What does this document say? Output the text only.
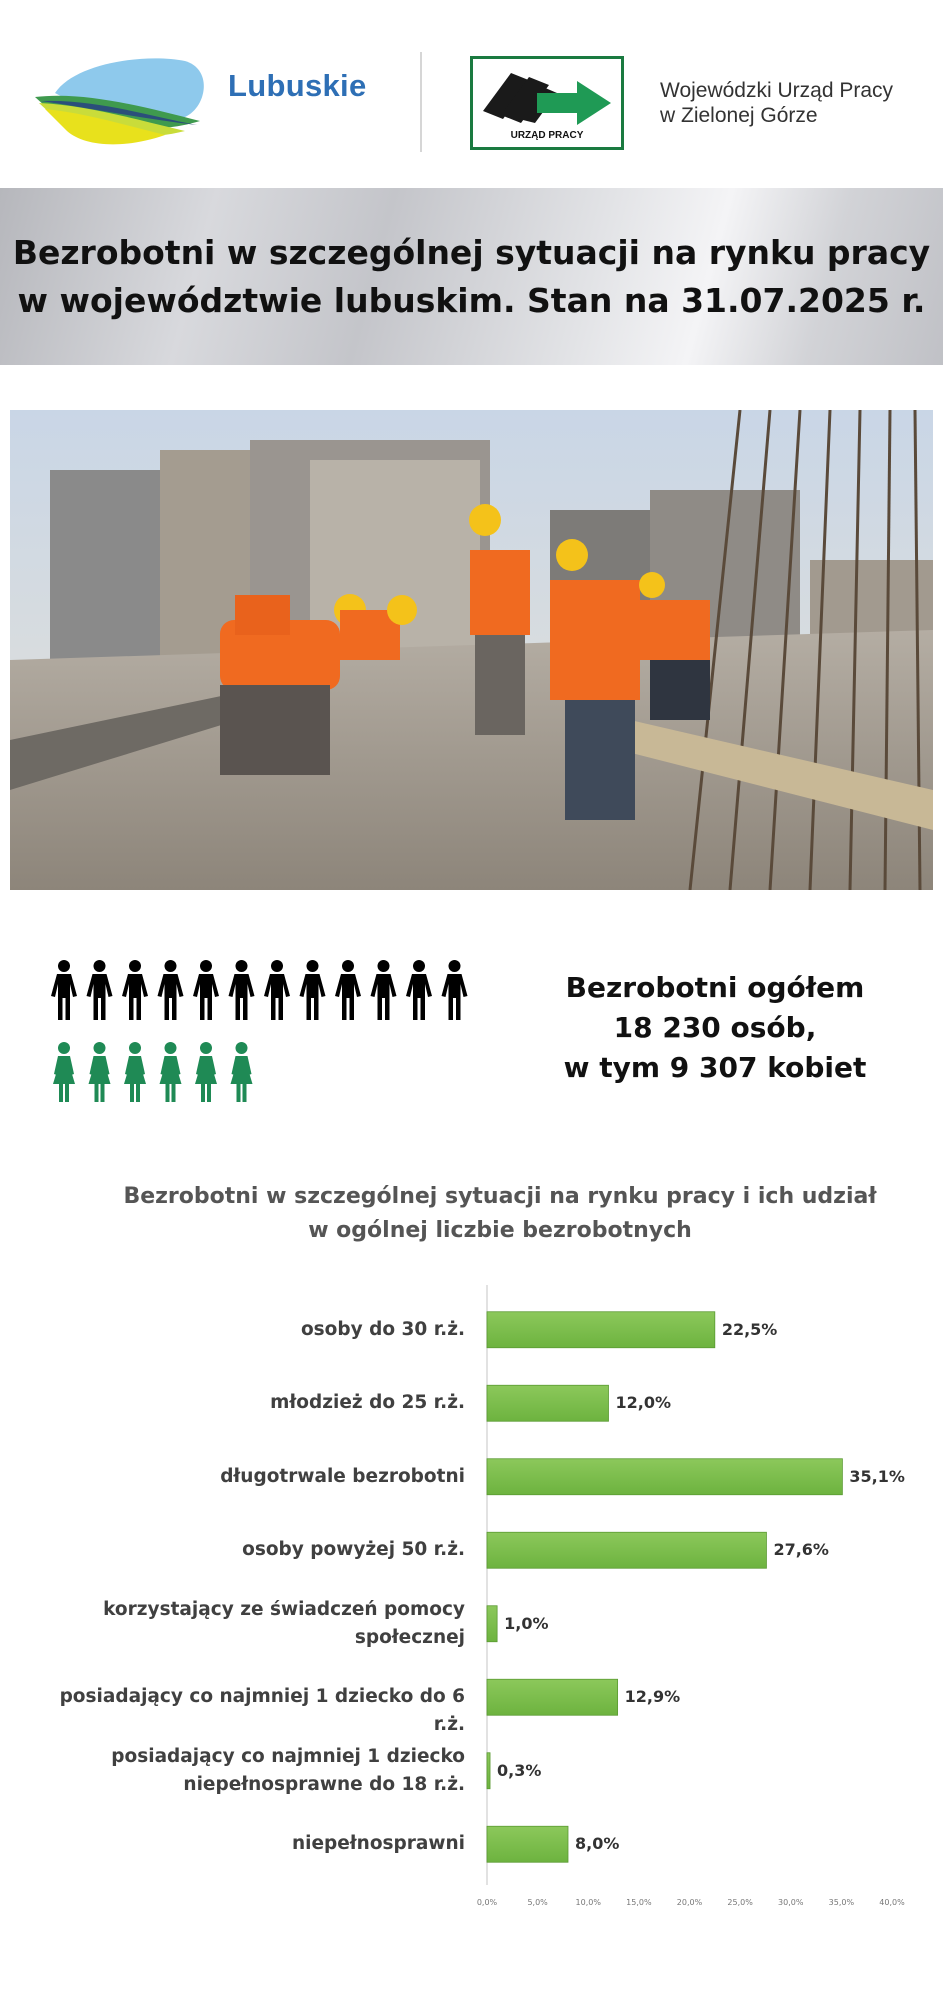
Lubuskie
URZĄD PRACY
Wojewódzki Urząd Pracy
w Zielonej Górze
Bezrobotni w szczególnej sytuacji na rynku pracy
w województwie lubuskim. Stan na 31.07.2025 r.
Bezrobotni ogółem
18 230 osób,
w tym 9 307 kobiet
Bezrobotni w szczególnej sytuacji na rynku pracy i ich udział
w ogólnej liczbie bezrobotnych
osoby do 30 r.ż.	22,5%
młodzież do 25 r.ż.	12,0%
długotrwale bezrobotni	35,1%
osoby powyżej 50 r.ż.	27,6%
korzystający ze świadczeń pomocy
społecznej
1,0%
posiadający co najmniej 1 dziecko do 6 r.ż.
12,9%
posiadający co najmniej 1 dziecko
niepełnosprawne do 18 r.ż.
0,3%
niepełnosprawni	8,0%
0,0%	5,0%	10,0%	15,0%	20,0%	25,0%	30,0%	35,0%	40,0%
